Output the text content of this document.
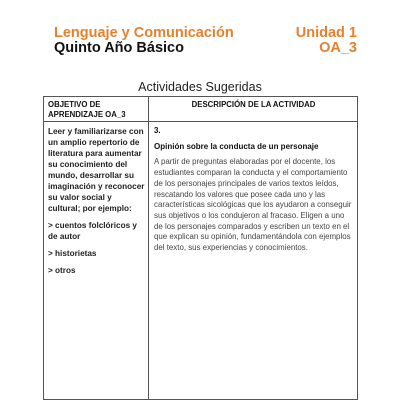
Lenguaje y Comunicación
Quinto Año Básico
Unidad 1
OA_3
Actividades Sugeridas
OBJETIVO DE APRENDIZAJE OA_3
DESCRIPCIÓN DE LA ACTIVIDAD

Leer y familiarizarse con un amplio repertorio de literatura para aumentar su conocimiento del mundo, desarrollar su imaginación y reconocer su valor social y cultural; por ejemplo:

> cuentos folclóricos y de autor

> historietas

> otros

3.

Opinión sobre la conducta de un personaje

A partir de preguntas elaboradas por el docente, los estudiantes comparan la conducta y el comportamiento de los personajes principales de varios textos leídos, rescatando los valores que posee cada uno y las características sicológicas que los ayudaron a conseguir sus objetivos o los condujeron al fracaso. Eligen a uno de los personajes comparados y escriben un texto en el que explican su opinión, fundamentándola con ejemplos del texto, sus experiencias y conocimientos.
